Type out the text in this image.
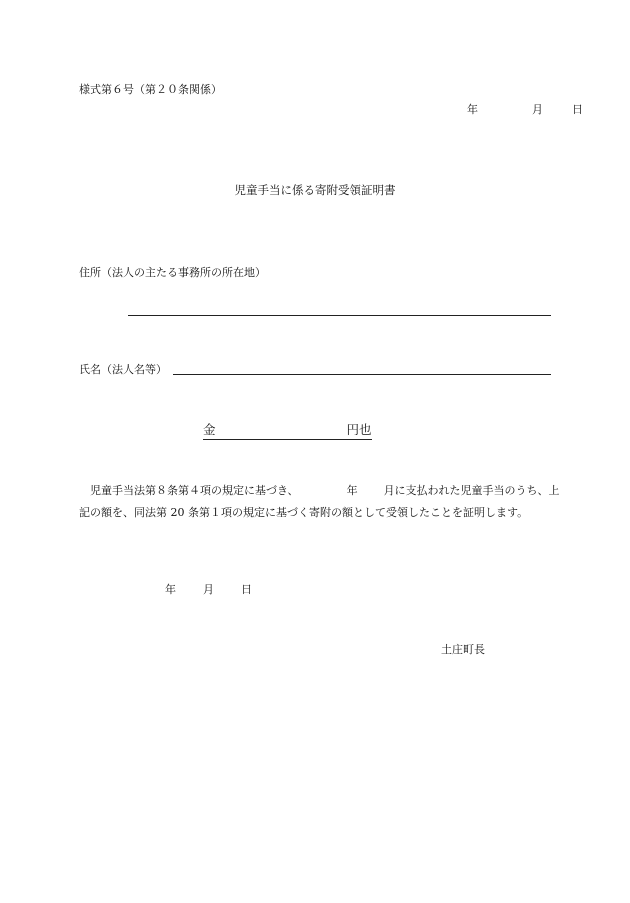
様式第６号（第２０条関係）
年	月	日
児童手当に係る寄附受領証明書
住所（法人の主たる事務所の所在地）
氏名（法人名等）
金	円也
児童手当法第８条第４項の規定に基づき、	年 月に支払われた児童手当のうち、上記の額を、同法第 20 条第１項の規定に基づく寄附の額として受領したことを証明します。
年 月 日
土庄町長
